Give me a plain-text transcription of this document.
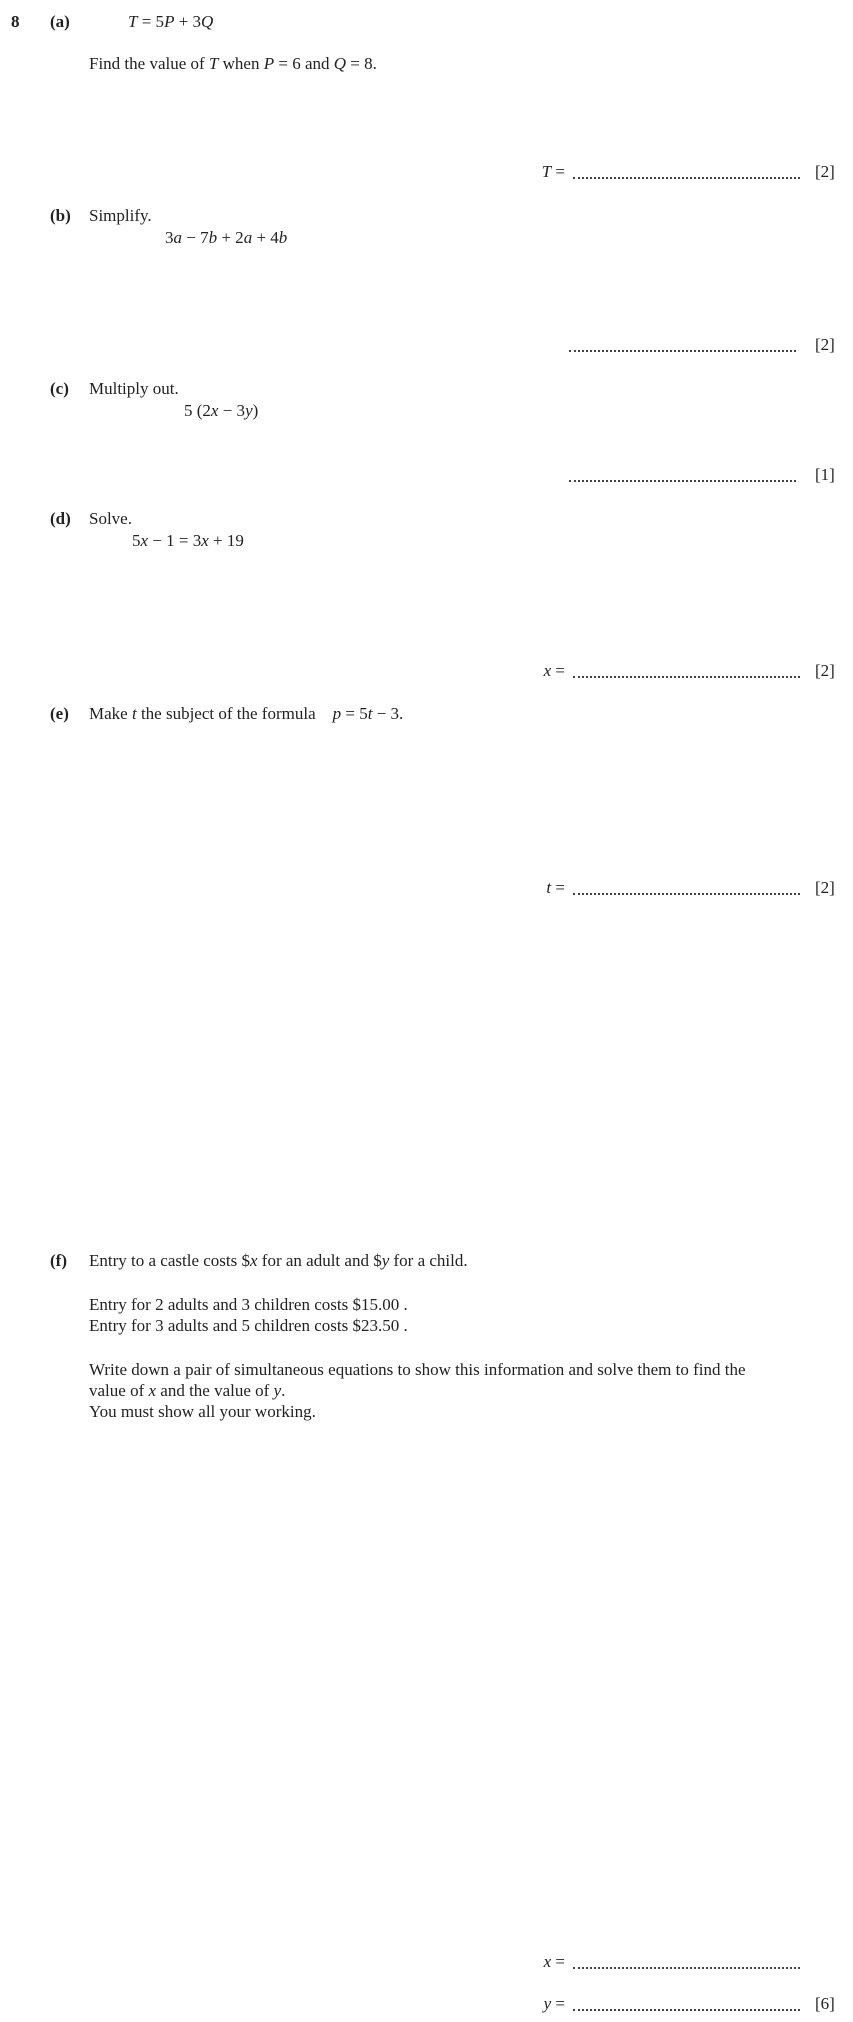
8 (a)	T = 5P + 3Q
Find the value of T when P = 6 and Q = 8.
T =	[2]
(b) Simplify.
3a − 7b + 2a + 4b
[2]
(c) Multiply out.
5 (2x − 3y)
[1]
(d) Solve.
5x − 1 = 3x + 19
x =	[2]
(e) Make t the subject of the formula    p = 5t − 3.
t =	[2]
(f) Entry to a castle costs $x for an adult and $y for a child.
Entry for 2 adults and 3 children costs $15.00 .
Entry for 3 adults and 5 children costs $23.50 .
Write down a pair of simultaneous equations to show this information and solve them to find the
value of x and the value of y.
You must show all your working.
x =
y =	[6]
